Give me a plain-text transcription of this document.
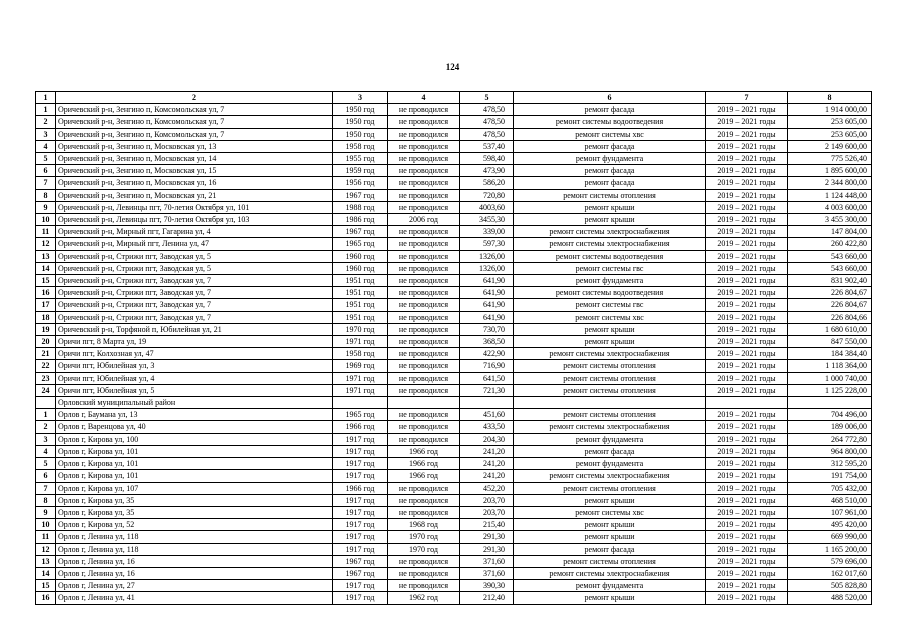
124
1	2	3	4	5	6	7	8
1	Оричевский р-н, Зенгино п, Комсомольская ул, 7	1950 год	не проводился	478,50	ремонт фасада	2019 – 2021 годы	1 914 000,00
2	Оричевский р-н, Зенгино п, Комсомольская ул, 7	1950 год	не проводился	478,50	ремонт системы водоотведения	2019 – 2021 годы	253 605,00
3	Оричевский р-н, Зенгино п, Комсомольская ул, 7	1950 год	не проводился	478,50	ремонт системы хвс	2019 – 2021 годы	253 605,00
4	Оричевский р-н, Зенгино п, Московская ул, 13	1958 год	не проводился	537,40	ремонт фасада	2019 – 2021 годы	2 149 600,00
5	Оричевский р-н, Зенгино п, Московская ул, 14	1955 год	не проводился	598,40	ремонт фундамента	2019 – 2021 годы	775 526,40
6	Оричевский р-н, Зенгино п, Московская ул, 15	1959 год	не проводился	473,90	ремонт фасада	2019 – 2021 годы	1 895 600,00
7	Оричевский р-н, Зенгино п, Московская ул, 16	1956 год	не проводился	586,20	ремонт фасада	2019 – 2021 годы	2 344 800,00
8	Оричевский р-н, Зенгино п, Московская ул, 21	1967 год	не проводился	720,80	ремонт системы отопления	2019 – 2021 годы	1 124 448,00
9	Оричевский р-н, Левинцы пгт, 70-летия Октября ул, 101	1988 год	не проводился	4003,60	ремонт крыши	2019 – 2021 годы	4 003 600,00
10	Оричевский р-н, Левинцы пгт, 70-летия Октября ул, 103	1986 год	2006 год	3455,30	ремонт крыши	2019 – 2021 годы	3 455 300,00
11	Оричевский р-н, Мирный пгт, Гагарина ул, 4	1967 год	не проводился	339,00	ремонт системы электроснабжения	2019 – 2021 годы	147 804,00
12	Оричевский р-н, Мирный пгт, Ленина ул, 47	1965 год	не проводился	597,30	ремонт системы электроснабжения	2019 – 2021 годы	260 422,80
13	Оричевский р-н, Стрижи пгт, Заводская ул, 5	1960 год	не проводился	1326,00	ремонт системы водоотведения	2019 – 2021 годы	543 660,00
14	Оричевский р-н, Стрижи пгт, Заводская ул, 5	1960 год	не проводился	1326,00	ремонт системы гвс	2019 – 2021 годы	543 660,00
15	Оричевский р-н, Стрижи пгт, Заводская ул, 7	1951 год	не проводился	641,90	ремонт фундамента	2019 – 2021 годы	831 902,40
16	Оричевский р-н, Стрижи пгт, Заводская ул, 7	1951 год	не проводился	641,90	ремонт системы водоотведения	2019 – 2021 годы	226 804,67
17	Оричевский р-н, Стрижи пгт, Заводская ул, 7	1951 год	не проводился	641,90	ремонт системы гвс	2019 – 2021 годы	226 804,67
18	Оричевский р-н, Стрижи пгт, Заводская ул, 7	1951 год	не проводился	641,90	ремонт системы хвс	2019 – 2021 годы	226 804,66
19	Оричевский р-н, Торфяной п, Юбилейная ул, 21	1970 год	не проводился	730,70	ремонт крыши	2019 – 2021 годы	1 680 610,00
20	Оричи пгт, 8 Марта ул, 19	1971 год	не проводился	368,50	ремонт крыши	2019 – 2021 годы	847 550,00
21	Оричи пгт, Колхозная ул, 47	1958 год	не проводился	422,90	ремонт системы электроснабжения	2019 – 2021 годы	184 384,40
22	Оричи пгт, Юбилейная ул, 3	1969 год	не проводился	716,90	ремонт системы отопления	2019 – 2021 годы	1 118 364,00
23	Оричи пгт, Юбилейная ул, 4	1971 год	не проводился	641,50	ремонт системы отопления	2019 – 2021 годы	1 000 740,00
24	Оричи пгт, Юбилейная ул, 5	1971 год	не проводился	721,30	ремонт системы отопления	2019 – 2021 годы	1 125 228,00
	Орловский муниципальный район						
1	Орлов г, Баумана ул, 13	1965 год	не проводился	451,60	ремонт системы отопления	2019 – 2021 годы	704 496,00
2	Орлов г, Варенцова ул, 40	1966 год	не проводился	433,50	ремонт системы электроснабжения	2019 – 2021 годы	189 006,00
3	Орлов г, Кирова ул, 100	1917 год	не проводился	204,30	ремонт фундамента	2019 – 2021 годы	264 772,80
4	Орлов г, Кирова ул, 101	1917 год	1966 год	241,20	ремонт фасада	2019 – 2021 годы	964 800,00
5	Орлов г, Кирова ул, 101	1917 год	1966 год	241,20	ремонт фундамента	2019 – 2021 годы	312 595,20
6	Орлов г, Кирова ул, 101	1917 год	1966 год	241,20	ремонт системы электроснабжения	2019 – 2021 годы	191 754,00
7	Орлов г, Кирова ул, 107	1966 год	не проводился	452,20	ремонт системы отопления	2019 – 2021 годы	705 432,00
8	Орлов г, Кирова ул, 35	1917 год	не проводился	203,70	ремонт крыши	2019 – 2021 годы	468 510,00
9	Орлов г, Кирова ул, 35	1917 год	не проводился	203,70	ремонт системы хвс	2019 – 2021 годы	107 961,00
10	Орлов г, Кирова ул, 52	1917 год	1968 год	215,40	ремонт крыши	2019 – 2021 годы	495 420,00
11	Орлов г, Ленина ул, 118	1917 год	1970 год	291,30	ремонт крыши	2019 – 2021 годы	669 990,00
12	Орлов г, Ленина ул, 118	1917 год	1970 год	291,30	ремонт фасада	2019 – 2021 годы	1 165 200,00
13	Орлов г, Ленина ул, 16	1967 год	не проводился	371,60	ремонт системы отопления	2019 – 2021 годы	579 696,00
14	Орлов г, Ленина ул, 16	1967 год	не проводился	371,60	ремонт системы электроснабжения	2019 – 2021 годы	162 017,60
15	Орлов г, Ленина ул, 27	1917 год	не проводился	390,30	ремонт фундамента	2019 – 2021 годы	505 828,80
16	Орлов г, Ленина ул, 41	1917 год	1962 год	212,40	ремонт крыши	2019 – 2021 годы	488 520,00
